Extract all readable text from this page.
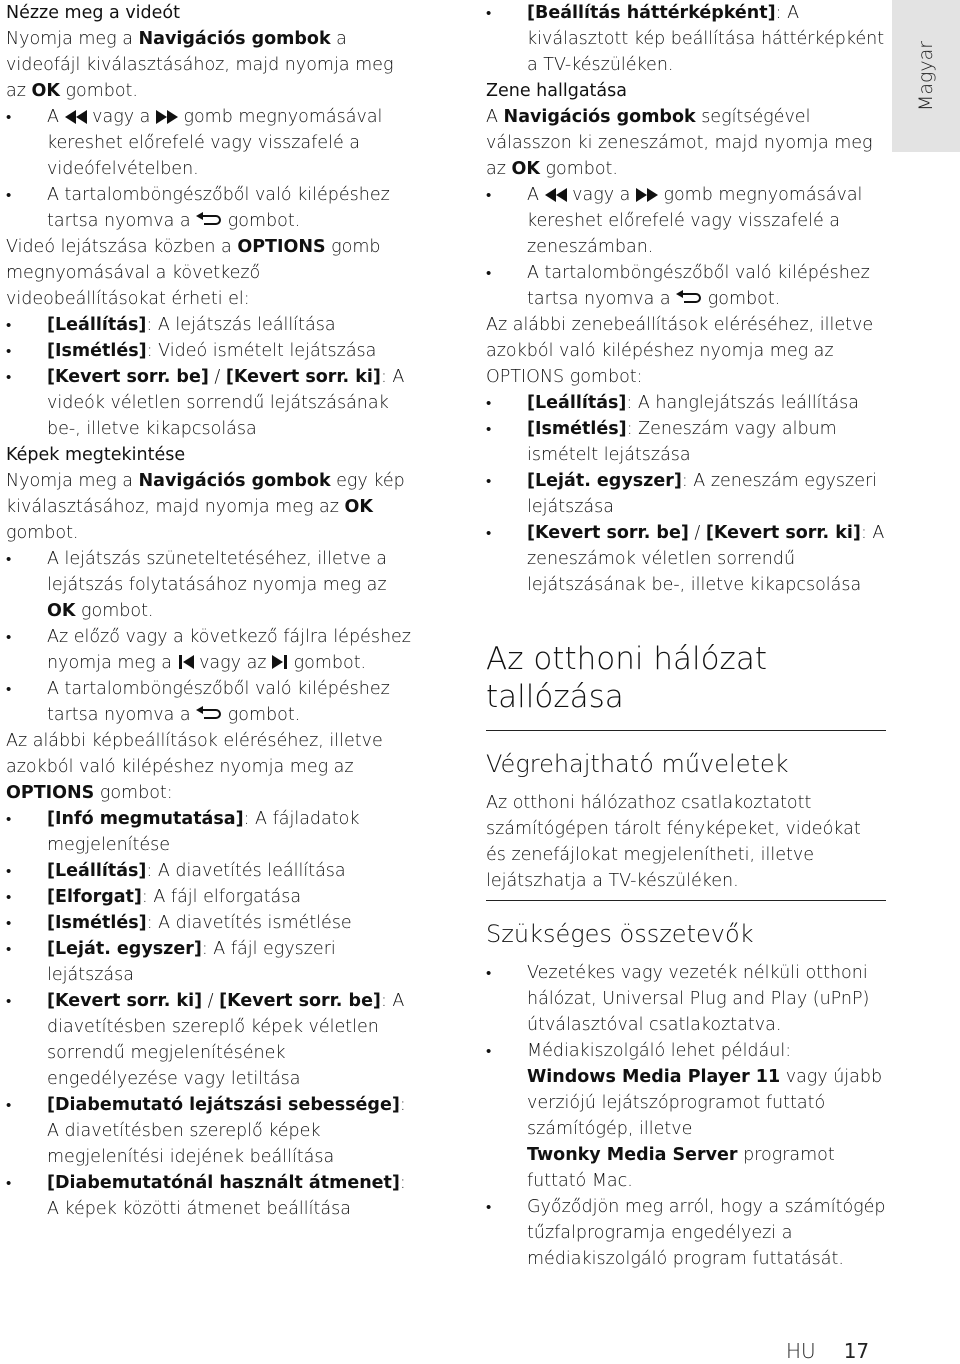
Nézze meg a videót

Nyomja meg a Navigációs gombok a videofájl kiválasztásához, majd nyomja meg az OK gombot.

• A  vagy a  gomb megnyomásával kereshet előrefelé vagy visszafelé a videófelvételben.
• A tartalomböngészőből való kilépéshez tartsa nyomva a  gombot.

Videó lejátszása közben a OPTIONS gomb megnyomásával a következő videobeállításokat érheti el:

• [Leállítás]: A lejátszás leállítása
• [Ismétlés]: Videó ismételt lejátszása
• [Kevert sorr. be] / [Kevert sorr. ki]: A videók véletlen sorrendű lejátszásának be-, illetve kikapcsolása

Képek megtekintése

Nyomja meg a Navigációs gombok egy kép kiválasztásához, majd nyomja meg az OK gombot.

• A lejátszás szüneteltetéséhez, illetve a lejátszás folytatásához nyomja meg az OK gombot.
• Az előző vagy a következő fájlra lépéshez nyomja meg a  vagy az  gombot.
• A tartalomböngészőből való kilépéshez tartsa nyomva a  gombot.

Az alábbi képbeállítások eléréséhez, illetve azokból való kilépéshez nyomja meg az OPTIONS gombot:

• [Infó megmutatása]: A fájladatok megjelenítése
• [Leállítás]: A diavetítés leállítása
• [Elforgat]: A fájl elforgatása
• [Ismétlés]: A diavetítés ismétlése
• [Leját. egyszer]: A fájl egyszeri lejátszása
• [Kevert sorr. ki] / [Kevert sorr. be]: A diavetítésben szereplő képek véletlen sorrendű megjelenítésének engedélyezése vagy letiltása
• [Diabemutató lejátszási sebessége]: A diavetítésben szereplő képek megjelenítési idejének beállítása
• [Diabemutatónál használt átmenet]: A képek közötti átmenet beállítása
• [Beállítás háttérképként]: A kiválasztott kép beállítása háttérképként a TV-készüléken.

Zene hallgatása

A Navigációs gombok segítségével válasszon ki zeneszámot, majd nyomja meg az OK gombot.

• A  vagy a  gomb megnyomásával kereshet előrefelé vagy visszafelé a zeneszámban.
• A tartalomböngészőből való kilépéshez tartsa nyomva a  gombot.

Az alábbi zenebeállítások eléréséhez, illetve azokból való kilépéshez nyomja meg az OPTIONS gombot:

• [Leállítás]: A hanglejátszás leállítása
• [Ismétlés]: Zeneszám vagy album ismételt lejátszása
• [Leját. egyszer]: A zeneszám egyszeri lejátszása
• [Kevert sorr. be] / [Kevert sorr. ki]: A zeneszámok véletlen sorrendű lejátszásának be-, illetve kikapcsolása
Az otthoni hálózat tallózása
Végrehajtható műveletek

Az otthoni hálózathoz csatlakoztatott számítógépen tárolt fényképeket, videókat és zenefájlokat megjelenítheti, illetve lejátszhatja a TV-készüléken.

Szükséges összetevők
• Vezetékes vagy vezeték nélküli otthoni hálózat, Universal Plug and Play (uPnP) útválasztóval csatlakoztatva.
• Médiakiszolgáló lehet például:
Windows Media Player 11 vagy újabb verziójú lejátszóprogramot futtató számítógép, illetve
Twonky Media Server programot futtató Mac.
• Győződjön meg arról, hogy a számítógép tűzfalprogramja engedélyezi a médiakiszolgáló program futtatását.
Magyar
HU 17
